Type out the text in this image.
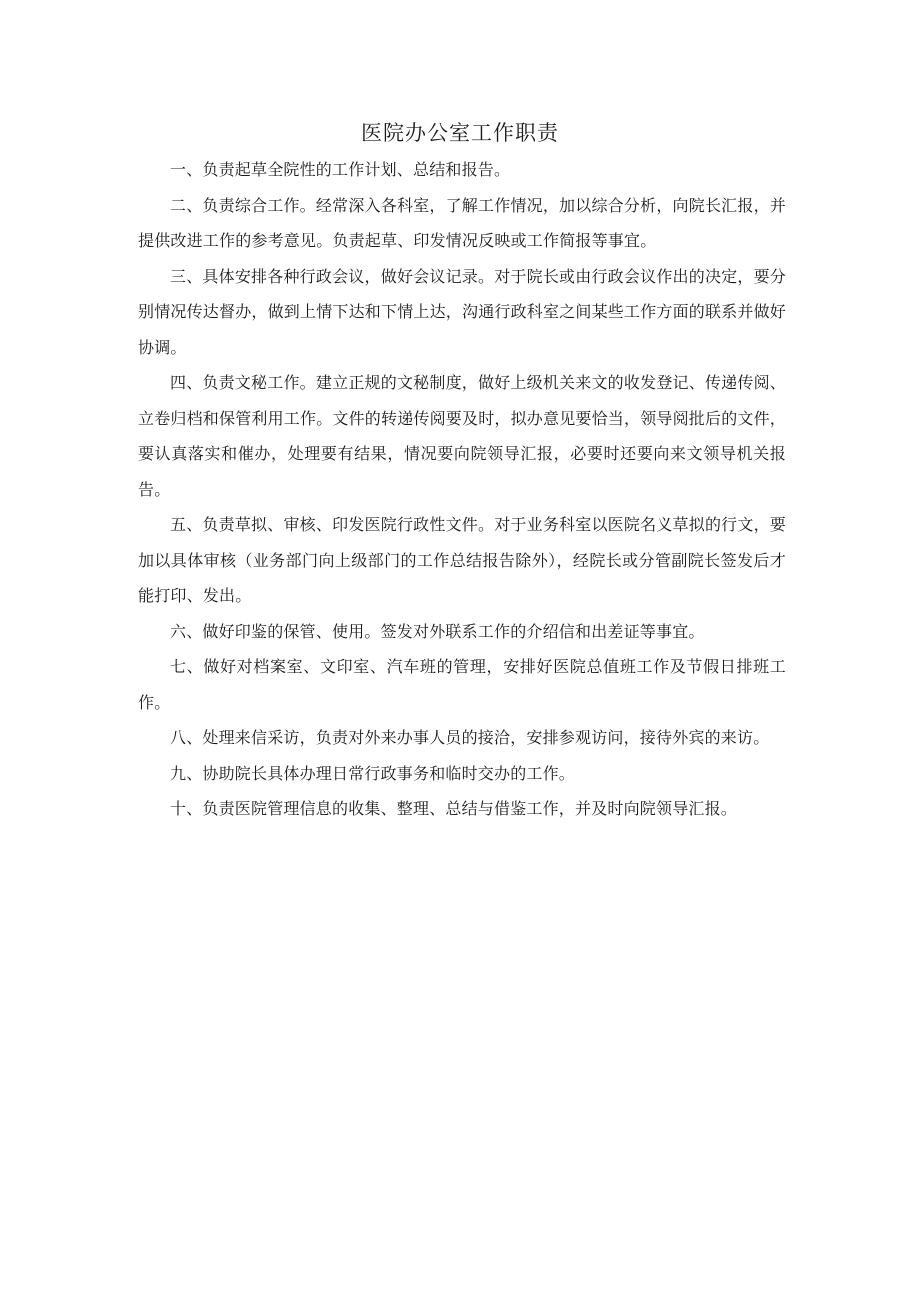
医院办公室工作职责

一、负责起草全院性的工作计划、总结和报告。

二、负责综合工作。经常深入各科室，了解工作情况，加以综合分析，向院长汇报，并提供改进工作的参考意见。负责起草、印发情况反映或工作简报等事宜。

三、具体安排各种行政会议，做好会议记录。对于院长或由行政会议作出的决定，要分别情况传达督办，做到上情下达和下情上达，沟通行政科室之间某些工作方面的联系并做好协调。

四、负责文秘工作。建立正规的文秘制度，做好上级机关来文的收发登记、传递传阅、立卷归档和保管利用工作。文件的转递传阅要及时，拟办意见要恰当，领导阅批后的文件，要认真落实和催办，处理要有结果，情况要向院领导汇报，必要时还要向来文领导机关报告。

五、负责草拟、审核、印发医院行政性文件。对于业务科室以医院名义草拟的行文，要加以具体审核（业务部门向上级部门的工作总结报告除外），经院长或分管副院长签发后才能打印、发出。

六、做好印鉴的保管、使用。签发对外联系工作的介绍信和出差证等事宜。

七、做好对档案室、文印室、汽车班的管理，安排好医院总值班工作及节假日排班工作。

八、处理来信采访，负责对外来办事人员的接洽，安排参观访问，接待外宾的来访。

九、协助院长具体办理日常行政事务和临时交办的工作。

十、负责医院管理信息的收集、整理、总结与借鉴工作，并及时向院领导汇报。
